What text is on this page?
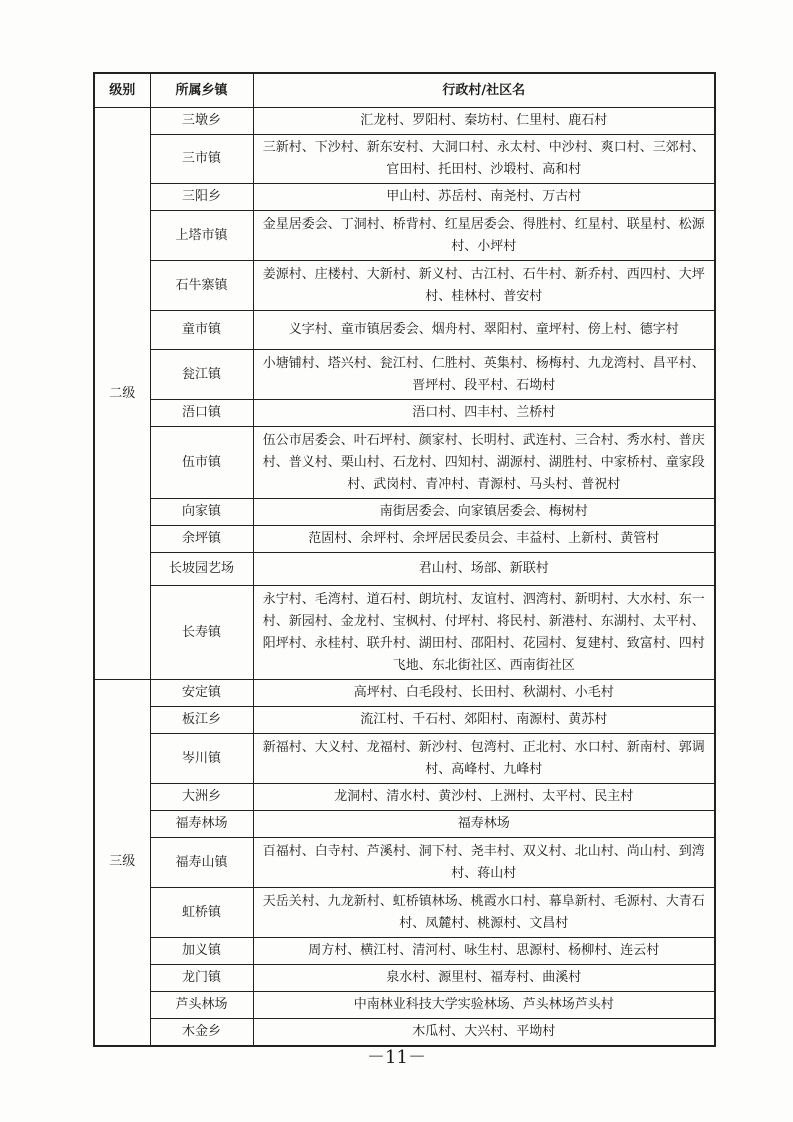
级别	所属乡镇	行政村/社区名
二级	三墩乡	汇龙村、罗阳村、秦坊村、仁里村、鹿石村
	三市镇	三新村、下沙村、新东安村、大洞口村、永太村、中沙村、爽口村、三郊村、官田村、托田村、沙塅村、高和村
	三阳乡	甲山村、苏岳村、南尧村、万古村
	上塔市镇	金星居委会、丁洞村、桥背村、红星居委会、得胜村、红星村、联星村、松源村、小坪村
	石牛寨镇	姜源村、庄楼村、大新村、新义村、古江村、石牛村、新乔村、西四村、大坪村、桂林村、普安村
	童市镇	义字村、童市镇居委会、烟舟村、翠阳村、童坪村、傍上村、德字村
	瓮江镇	小塘铺村、塔兴村、瓮江村、仁胜村、英集村、杨梅村、九龙湾村、昌平村、晋坪村、段平村、石坳村
	浯口镇	浯口村、四丰村、兰桥村
	伍市镇	伍公市居委会、叶石坪村、颜家村、长明村、武连村、三合村、秀水村、普庆村、普义村、栗山村、石龙村、四知村、湖源村、湖胜村、中家桥村、童家段村、武岗村、青冲村、青源村、马头村、普祝村
	向家镇	南街居委会、向家镇居委会、梅树村
	余坪镇	范固村、余坪村、余坪居民委员会、丰益村、上新村、黄管村
	长坡园艺场	君山村、场部、新联村
	长寿镇	永宁村、毛湾村、道石村、朗坑村、友谊村、泗湾村、新明村、大水村、东一村、新园村、金龙村、宝枫村、付坪村、将民村、新港村、东湖村、太平村、阳坪村、永桂村、联升村、湖田村、邵阳村、花园村、复建村、致富村、四村飞地、东北街社区、西南街社区
三级	安定镇	高坪村、白毛段村、长田村、秋湖村、小毛村
	板江乡	流江村、千石村、郊阳村、南源村、黄苏村
	岑川镇	新福村、大义村、龙福村、新沙村、包湾村、正北村、水口村、新南村、郭调村、高峰村、九峰村
	大洲乡	龙洞村、清水村、黄沙村、上洲村、太平村、民主村
	福寿林场	福寿林场
	福寿山镇	百福村、白寺村、芦溪村、洞下村、尧丰村、双义村、北山村、尚山村、到湾村、蒋山村
	虹桥镇	天岳关村、九龙新村、虹桥镇林场、桃霞水口村、幕阜新村、毛源村、大青石村、凤麓村、桃源村、文昌村
	加义镇	周方村、横江村、清河村、咏生村、思源村、杨柳村、连云村
	龙门镇	泉水村、源里村、福寿村、曲溪村
	芦头林场	中南林业科技大学实验林场、芦头林场芦头村
	木金乡	木瓜村、大兴村、平坳村
－11－
